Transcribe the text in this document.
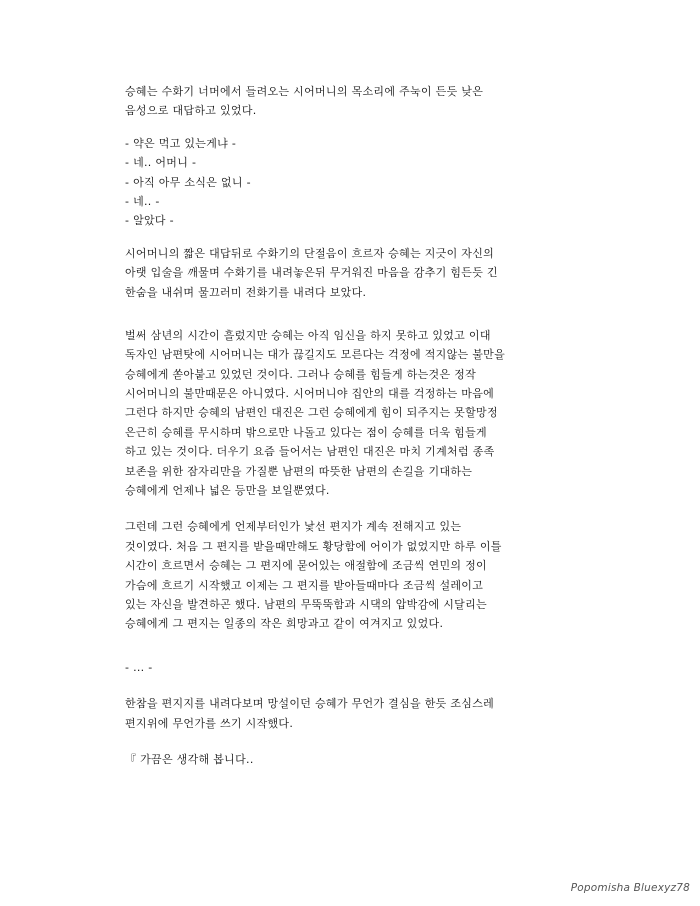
승혜는 수화기 너머에서 들려오는 시어머니의 목소리에 주눅이 든듯 낮은
음성으로 대답하고 있었다.
- 약은 먹고 있는게냐 -
- 네.. 어머니 -
- 아직 아무 소식은 없니 -
- 네.. -
- 알았다 -
시어머니의 짧은 대답뒤로 수화기의 단절음이 흐르자 승혜는 지긋이 자신의
아랫 입술을 깨물며 수화기를 내려놓은뒤 무거워진 마음을 감추기 힘든듯 긴
한숨을 내쉬며 물끄러미 전화기를 내려다 보았다.
벌써 삼년의 시간이 흘렀지만 승혜는 아직 임신을 하지 못하고 있었고 이대
독자인 남편탓에 시어머니는 대가 끊길지도 모른다는 걱정에 적지않는 불만을
승혜에게 쏟아붙고 있었던 것이다. 그러나 승혜를 힘들게 하는것은 정작
시어머니의 불만때문은 아니였다. 시어머니야 집안의 대를 걱정하는 마음에
그런다 하지만 승혜의 남편인 대진은 그런 승혜에게 힘이 되주지는 못할망정
은근히 승혜를 무시하며 밖으로만 나돌고 있다는 점이 승혜를 더욱 힘들게
하고 있는 것이다. 더우기 요즘 들어서는 남편인 대진은 마치 기계처럼 종족
보존을 위한 잠자리만을 가질뿐 남편의 따뜻한 남편의 손길을 기대하는
승혜에게 언제나 넓은 등만을 보일뿐였다.
그런데 그런 승혜에게 언제부터인가 낯선 편지가 계속 전해지고 있는
것이였다. 처음 그 편지를 받을때만해도 황당함에 어이가 없었지만 하루 이틀
시간이 흐르면서 승혜는 그 편지에 묻어있는 애절함에 조금씩 연민의 정이
가슴에 흐르기 시작했고 이제는 그 편지를 받아들때마다 조금씩 설레이고
있는 자신을 발견하곤 했다. 남편의 무뚝뚝함과 시댁의 압박감에 시달리는
승혜에게 그 편지는 일종의 작은 희망과고 같이 여겨지고 있었다.
- ... -
한참을 편지지를 내려다보며 망설이던 승혜가 무언가 결심을 한듯 조심스레
편지위에 무언가를 쓰기 시작했다.
『 가끔은 생각해 봅니다..
Popomisha Bluexyz78
